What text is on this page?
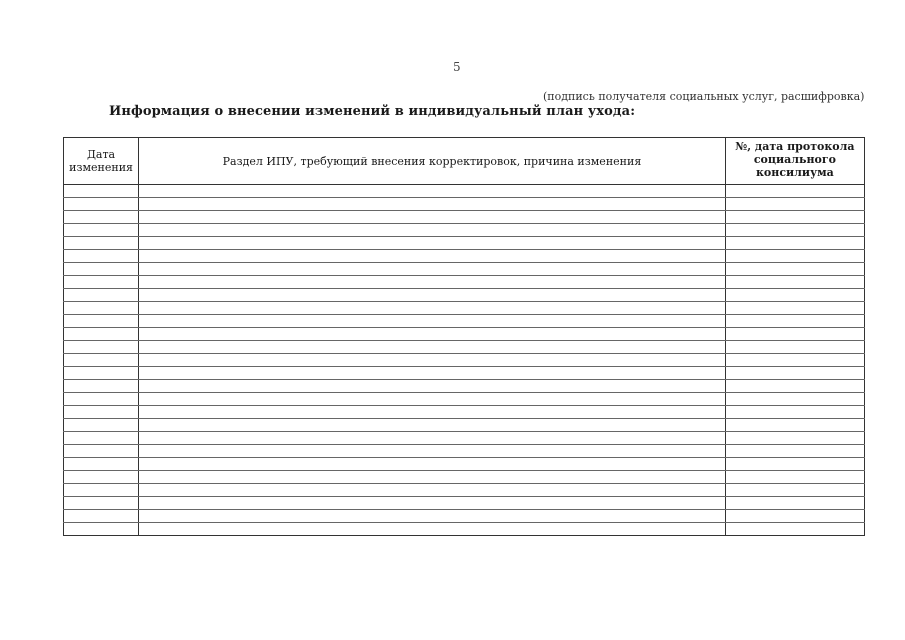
5
(подпись получателя социальных услуг, расшифровка)
Информация о внесении изменений в индивидуальный план ухода:
Дата изменения	Раздел ИПУ, требующий внесения корректировок, причина изменения	№, дата протокола социального консилиума
